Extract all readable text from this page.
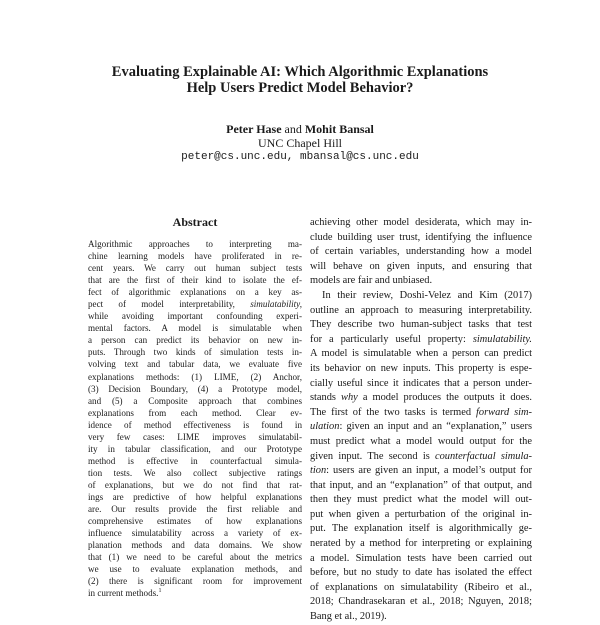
Evaluating Explainable AI: Which Algorithmic Explanations
Help Users Predict Model Behavior?
Peter Hase and Mohit Bansal
UNC Chapel Hill
peter@cs.unc.edu, mbansal@cs.unc.edu
Abstract
Algorithmic approaches to interpreting ma-
chine learning models have proliferated in re-
cent years. We carry out human subject tests
that are the first of their kind to isolate the ef-
fect of algorithmic explanations on a key as-
pect of model interpretability, simulatability,
while avoiding important confounding experi-
mental factors. A model is simulatable when
a person can predict its behavior on new in-
puts. Through two kinds of simulation tests in-
volving text and tabular data, we evaluate five
explanations methods: (1) LIME, (2) Anchor,
(3) Decision Boundary, (4) a Prototype model,
and (5) a Composite approach that combines
explanations from each method. Clear ev-
idence of method effectiveness is found in
very few cases: LIME improves simulatabil-
ity in tabular classification, and our Prototype
method is effective in counterfactual simula-
tion tests. We also collect subjective ratings
of explanations, but we do not find that rat-
ings are predictive of how helpful explanations
are. Our results provide the first reliable and
comprehensive estimates of how explanations
influence simulatability across a variety of ex-
planation methods and data domains. We show
that (1) we need to be careful about the metrics
we use to evaluate explanation methods, and
(2) there is significant room for improvement
in current methods.$^1$
achieving other model desiderata, which may in-
clude building user trust, identifying the influence
of certain variables, understanding how a model
will behave on given inputs, and ensuring that
models are fair and unbiased.
In their review, Doshi-Velez and Kim (2017)
outline an approach to measuring interpretability.
They describe two human-subject tasks that test
for a particularly useful property: simulatability.
A model is simulatable when a person can predict
its behavior on new inputs. This property is espe-
cially useful since it indicates that a person under-
stands why a model produces the outputs it does.
The first of the two tasks is termed forward sim-
ulation: given an input and an “explanation,” users
must predict what a model would output for the
given input. The second is counterfactual simula-
tion: users are given an input, a model’s output for
that input, and an “explanation” of that output, and
then they must predict what the model will out-
put when given a perturbation of the original in-
put. The explanation itself is algorithmically ge-
nerated by a method for interpreting or explaining
a model. Simulation tests have been carried out
before, but no study to date has isolated the effect
of explanations on simulatability (Ribeiro et al.,
2018; Chandrasekaran et al., 2018; Nguyen, 2018;
Bang et al., 2019).
